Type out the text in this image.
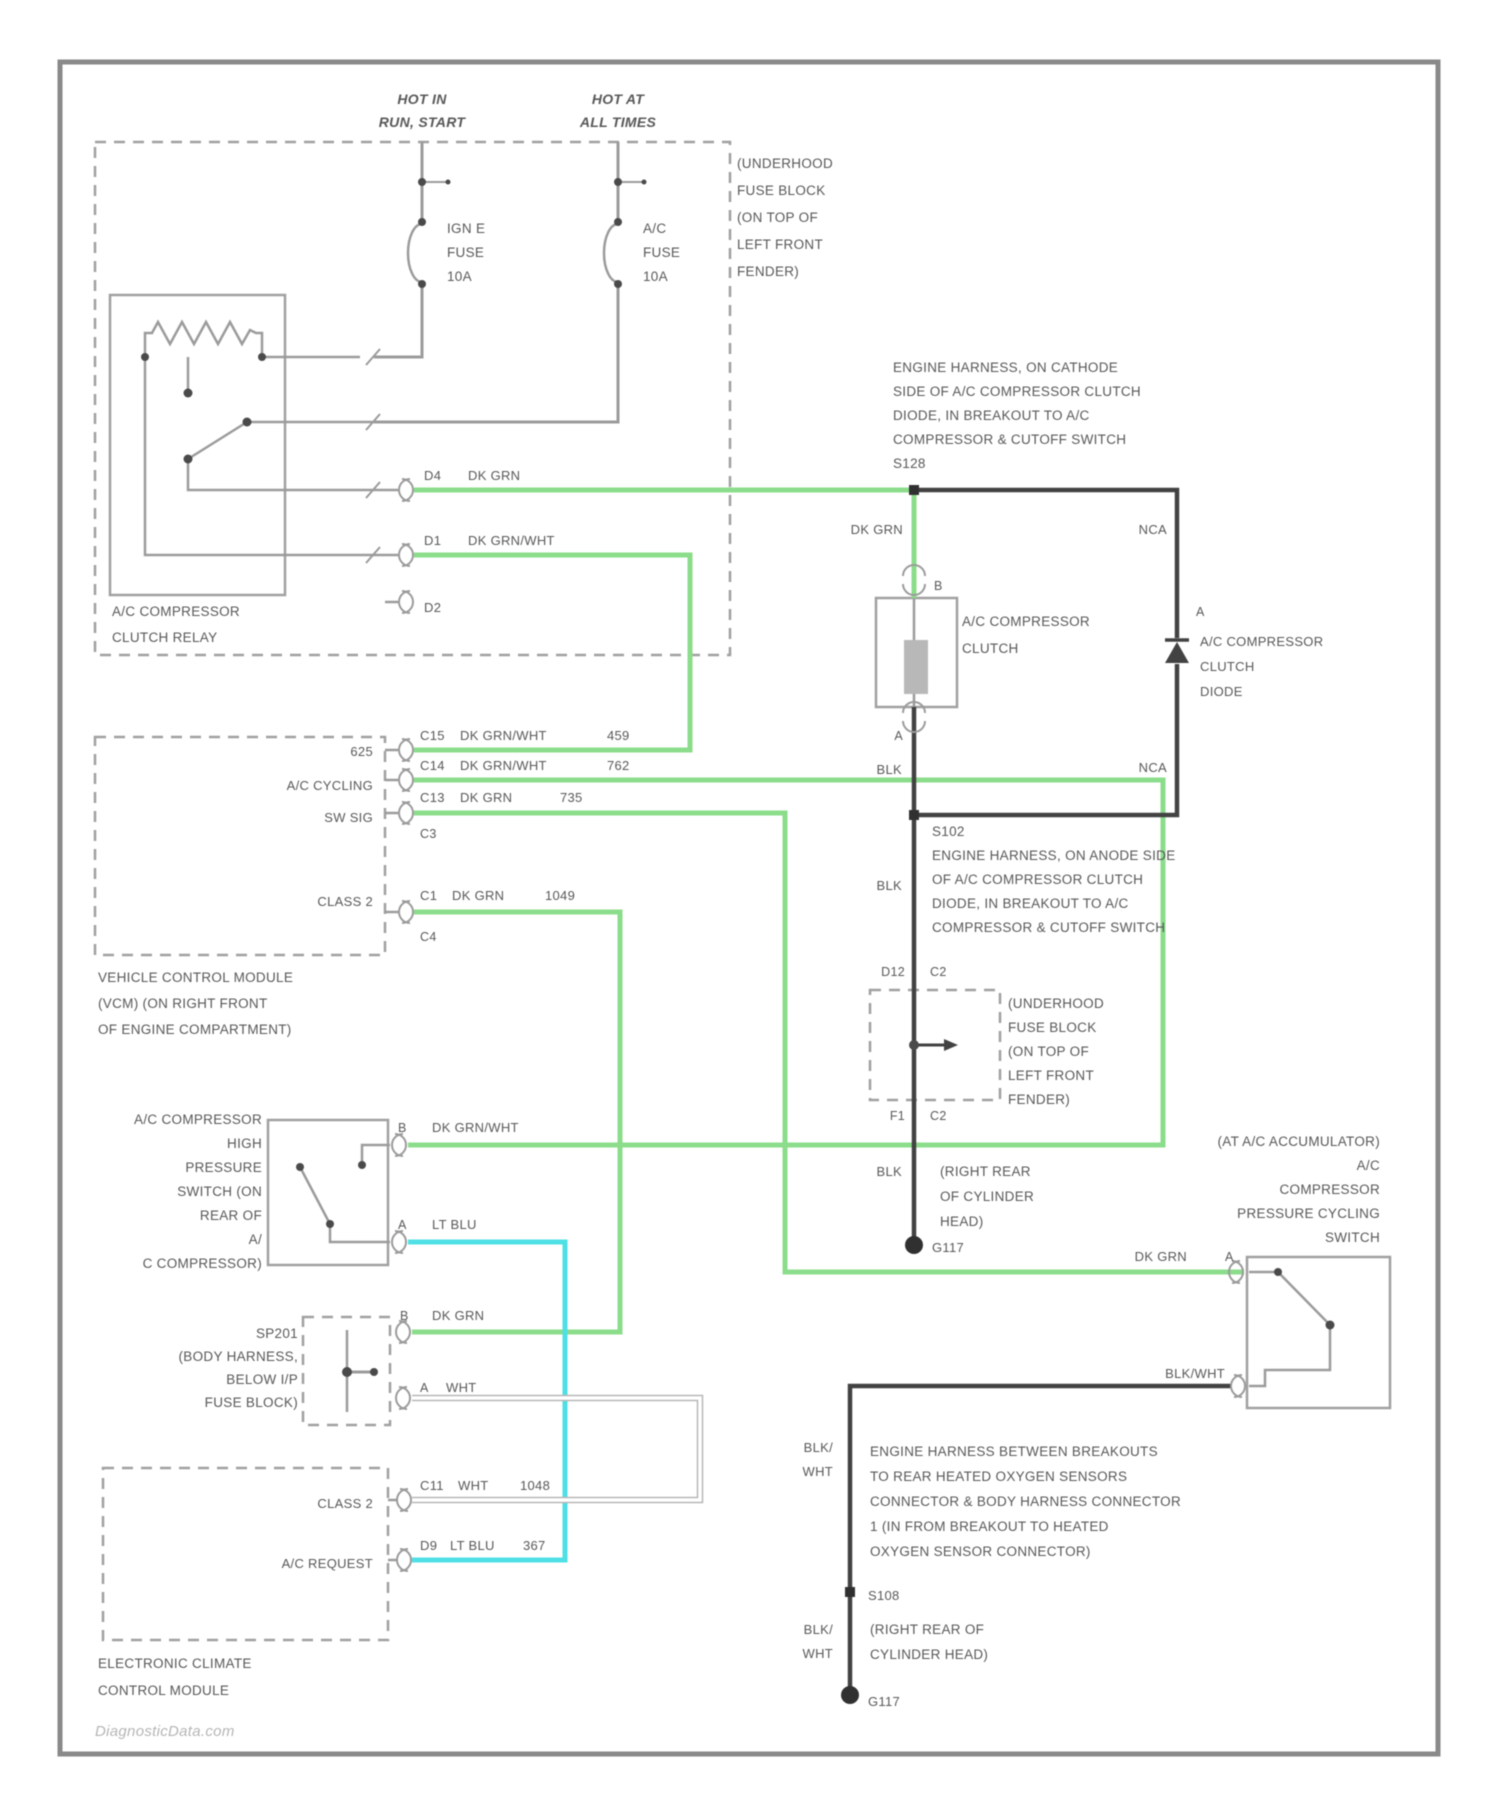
HOT IN RUN, START
HOT AT ALL TIMES
IGN E FUSE 10A
A/C FUSE 10A
(UNDERHOOD FUSE BLOCK (ON TOP OF LEFT FRONT FENDER)
A/C COMPRESSOR CLUTCH RELAY
D4 DK GRN
D1 DK GRN/WHT
D2
ENGINE HARNESS, ON CATHODE SIDE OF A/C COMPRESSOR CLUTCH DIODE, IN BREAKOUT TO A/C COMPRESSOR & CUTOFF SWITCH S128
DK GRN	NCA
B
A/C COMPRESSOR CLUTCH
A
A/C COMPRESSOR CLUTCH DIODE
A
BLK
S102 ENGINE HARNESS, ON ANODE SIDE OF A/C COMPRESSOR CLUTCH DIODE, IN BREAKOUT TO A/C COMPRESSOR & CUTOFF SWITCH
NCA
BLK
D12 C2
(UNDERHOOD FUSE BLOCK (ON TOP OF LEFT FRONT FENDER)
F1 C2
BLK	(RIGHT REAR OF CYLINDER HEAD)
G117
625
A/C CYCLING
SW SIG
C15 DK GRN/WHT	459
C14 DK GRN/WHT	762
C13 DK GRN	735
C3
CLASS 2	C1 DK GRN	1049
C4
VEHICLE CONTROL MODULE (VCM) (ON RIGHT FRONT OF ENGINE COMPARTMENT)
A/C COMPRESSOR HIGH PRESSURE SWITCH (ON REAR OF A/ C COMPRESSOR)
B DK GRN/WHT
A LT BLU
SP201 (BODY HARNESS, BELOW I/P FUSE BLOCK)
B DK GRN
A WHT
CLASS 2
C11 WHT 1048
A/C REQUEST
D9 LT BLU 367
ELECTRONIC CLIMATE CONTROL MODULE
(AT A/C ACCUMULATOR) A/C COMPRESSOR PRESSURE CYCLING SWITCH
DK GRN	A
BLK/WHT
BLK/ WHT
ENGINE HARNESS BETWEEN BREAKOUTS TO REAR HEATED OXYGEN SENSORS CONNECTOR & BODY HARNESS CONNECTOR 1 (IN FROM BREAKOUT TO HEATED OXYGEN SENSOR CONNECTOR)
S108
BLK/ WHT
(RIGHT REAR OF CYLINDER HEAD)
G117
DiagnosticData.com
